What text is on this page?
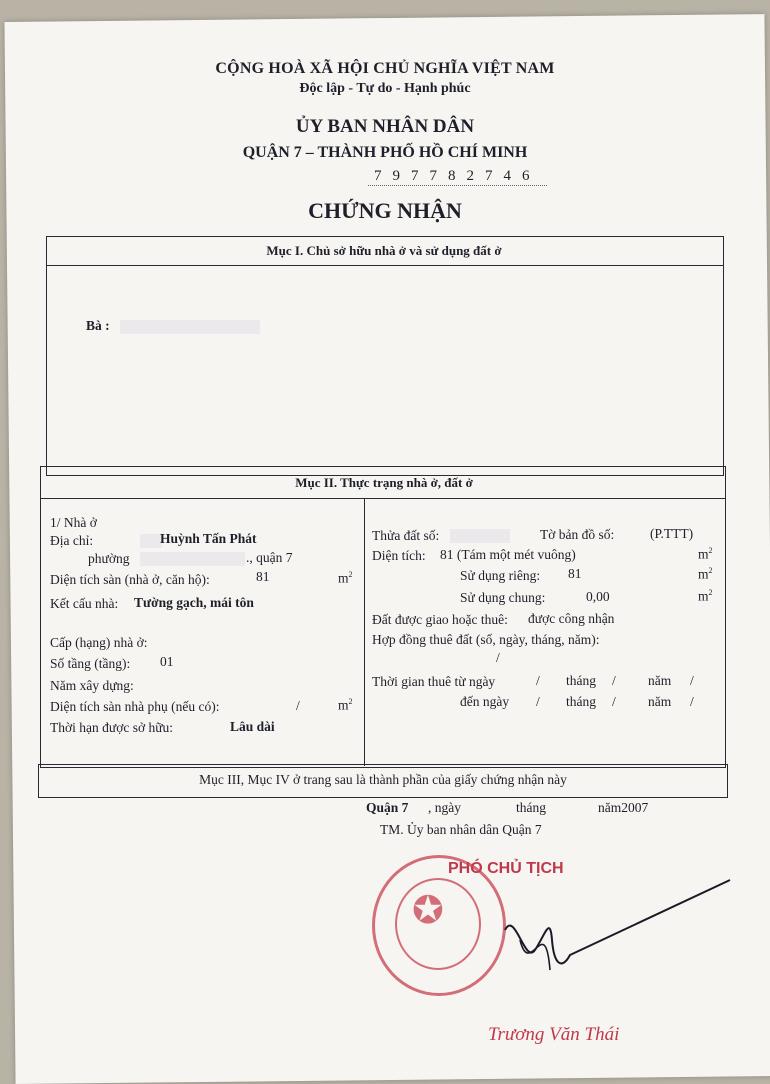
CỘNG HOÀ XÃ HỘI CHỦ NGHĨA VIỆT NAM
Độc lập - Tự do - Hạnh phúc
ỦY BAN NHÂN DÂN
QUẬN 7 – THÀNH PHỐ HỒ CHÍ MINH
797782746
CHỨNG NHẬN
Mục I. Chủ sở hữu nhà ở và sử dụng đất ở
Bà :
Mục II. Thực trạng nhà ở, đất ở
1/ Nhà ở
Địa chỉ:	Huỳnh Tấn Phát
phường	., quận 7
Diện tích sàn (nhà ở, căn hộ):	81	$m^2$
Kết cấu nhà: Tường gạch, mái tôn
Cấp (hạng) nhà ở:
Số tầng (tầng): 01
Năm xây dựng:
Diện tích sàn nhà phụ (nếu có):	/	$m^2$
Thời hạn được sở hữu:	Lâu dài
Thửa đất số:	Tờ bản đồ số:	(P.TTT)
Diện tích: 81 (Tám một mét vuông)	$m^2$
Sử dụng riêng: 81	$m^2$
Sử dụng chung:	0,00	$m^2$
Đất được giao hoặc thuê: được công nhận
Hợp đồng thuê đất (số, ngày, tháng, năm):
/
Thời gian thuê từ ngày	/ tháng / năm /
đến ngày / tháng / năm /
Mục III, Mục IV ở trang sau là thành phần của giấy chứng nhận này
Quận 7 , ngày	tháng	năm2007
TM. Ủy ban nhân dân Quận 7
PHÓ CHỦ TỊCH
✪
Trương Văn Thái
